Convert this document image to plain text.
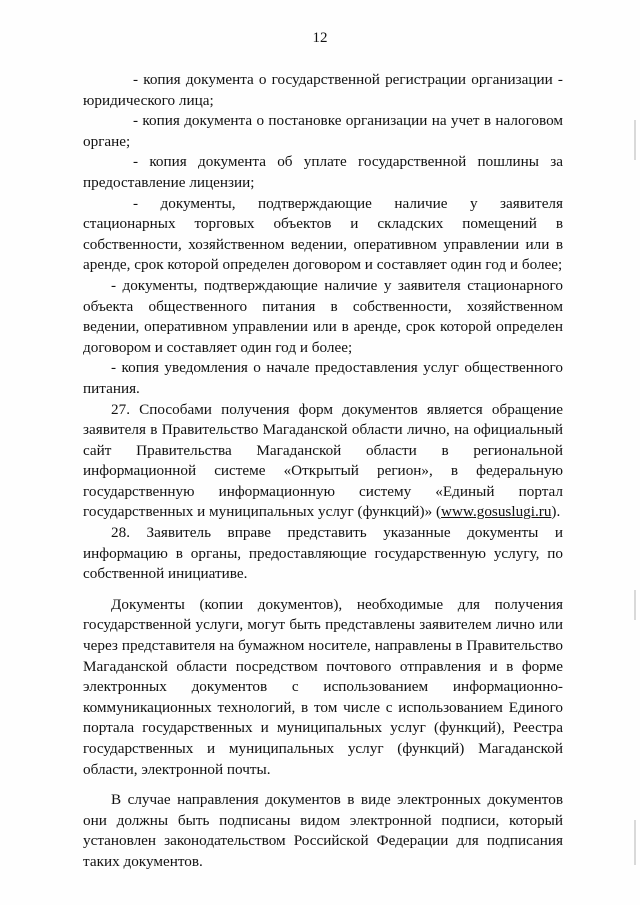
12

- копия документа о государственной регистрации организации - юридического лица;

- копия документа о постановке организации на учет в налоговом органе;

- копия документа об уплате государственной пошлины за предоставление лицензии;

- документы, подтверждающие наличие у заявителя стационарных торговых объектов и складских помещений в собственности, хозяйственном ведении, оперативном управлении или в аренде, срок которой определен договором и составляет один год и более;

- документы, подтверждающие наличие у заявителя стационарного объекта общественного питания в собственности, хозяйственном ведении, оперативном управлении или в аренде, срок которой определен договором и составляет один год и более;

- копия уведомления о начале предоставления услуг общественного питания.

27. Способами получения форм документов является обращение заявителя в Правительство Магаданской области лично, на официальный сайт Правительства Магаданской области в региональной информационной системе «Открытый регион», в федеральную государственную информационную систему «Единый портал государственных и муниципальных услуг (функций)» (www.gosuslugi.ru).

28. Заявитель вправе представить указанные документы и информацию в органы, предоставляющие государственную услугу, по собственной инициативе.

Документы (копии документов), необходимые для получения государственной услуги, могут быть представлены заявителем лично или через представителя на бумажном носителе, направлены в Правительство Магаданской области посредством почтового отправления и в форме электронных документов с использованием информационно-коммуникационных технологий, в том числе с использованием Единого портала государственных и муниципальных услуг (функций), Реестра государственных и муниципальных услуг (функций) Магаданской области, электронной почты.

В случае направления документов в виде электронных документов они должны быть подписаны видом электронной подписи, который установлен законодательством Российской Федерации для подписания таких документов.
